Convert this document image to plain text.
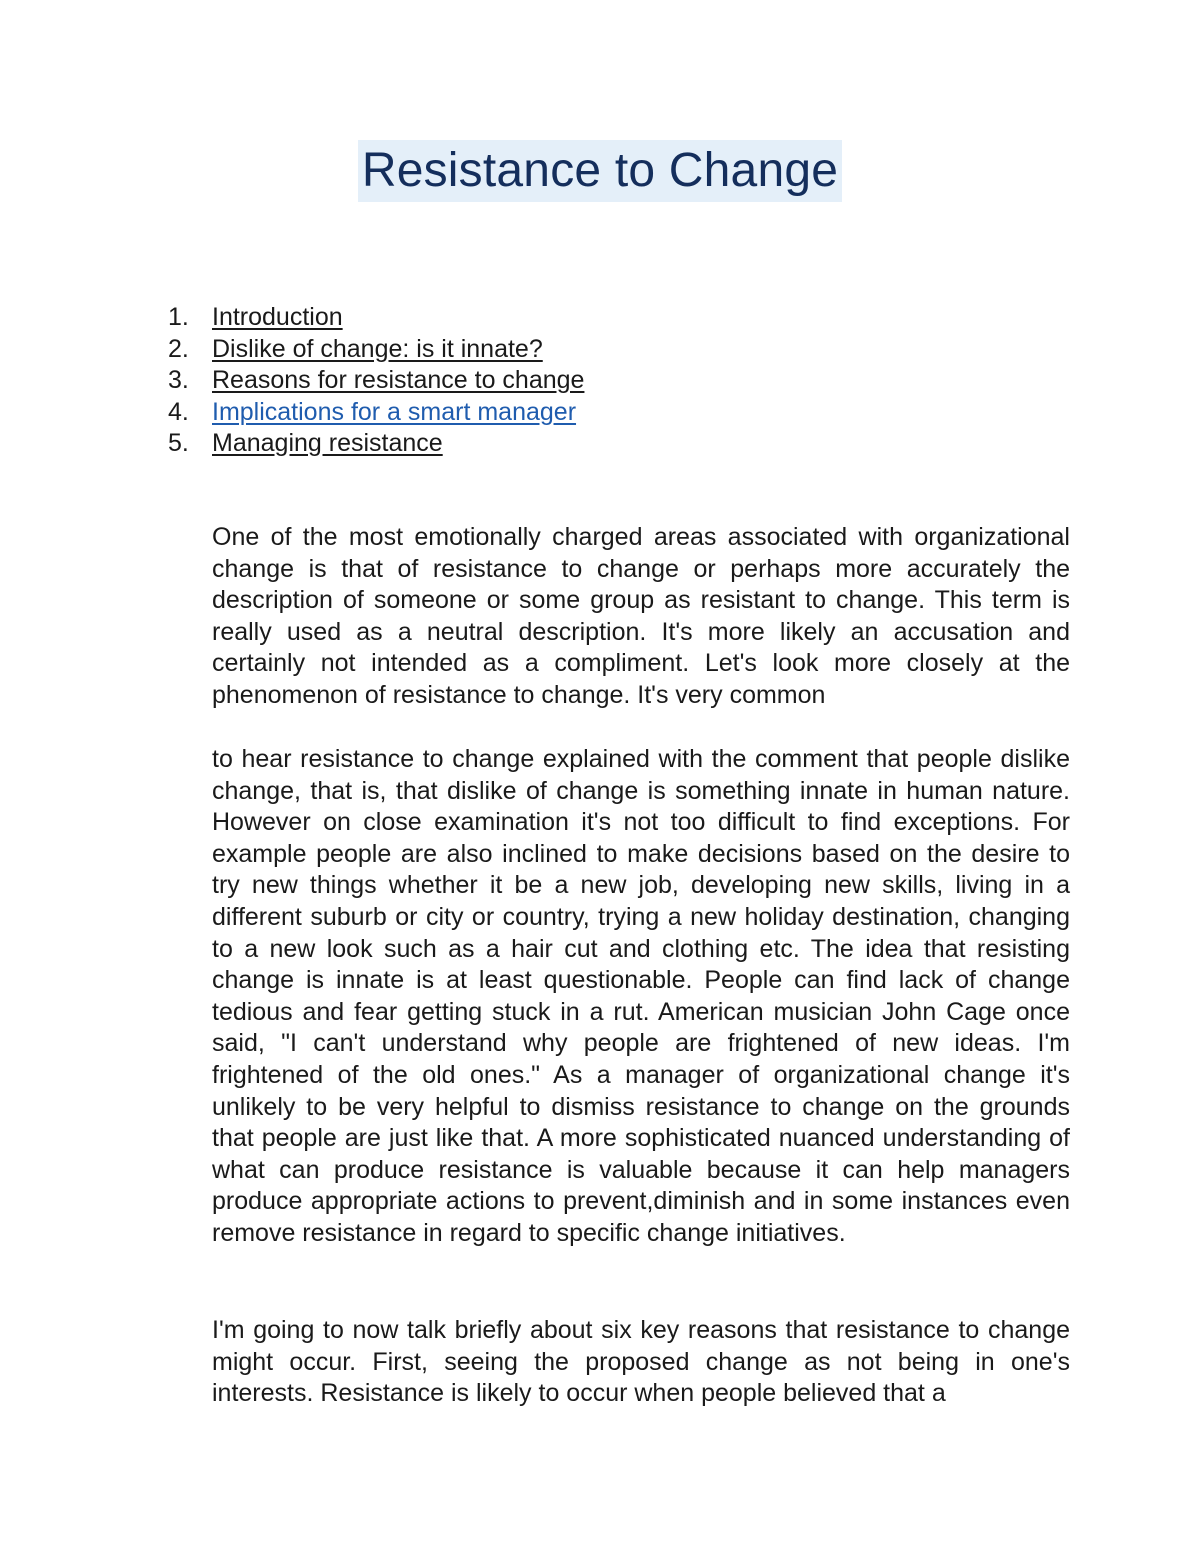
Resistance to Change
1. Introduction
2. Dislike of change: is it innate?
3. Reasons for resistance to change
4. Implications for a smart manager
5. Managing resistance

One of the most emotionally charged areas associated with organizational change is that of resistance to change or perhaps more accurately the description of someone or some group as resistant to change. This term is really used as a neutral description. It's more likely an accusation and certainly not intended as a compliment. Let's look more closely at the phenomenon of resistance to change. It's very common

to hear resistance to change explained with the comment that people dislike change, that is, that dislike of change is something innate in human nature. However on close examination it's not too difficult to find exceptions. For example people are also inclined to make decisions based on the desire to try new things whether it be a new job, developing new skills, living in a different suburb or city or country, trying a new holiday destination, changing to a new look such as a hair cut and clothing etc. The idea that resisting change is innate is at least questionable. People can find lack of change tedious and fear getting stuck in a rut. American musician John Cage once said, "I can't understand why people are frightened of new ideas. I'm frightened of the old ones." As a manager of organizational change it's unlikely to be very helpful to dismiss resistance to change on the grounds that people are just like that. A more sophisticated nuanced understanding of what can produce resistance is valuable because it can help managers produce appropriate actions to prevent,diminish and in some instances even remove resistance in regard to specific change initiatives.

I'm going to now talk briefly about six key reasons that resistance to change might occur. First, seeing the proposed change as not being in one's interests. Resistance is likely to occur when people believed that a
